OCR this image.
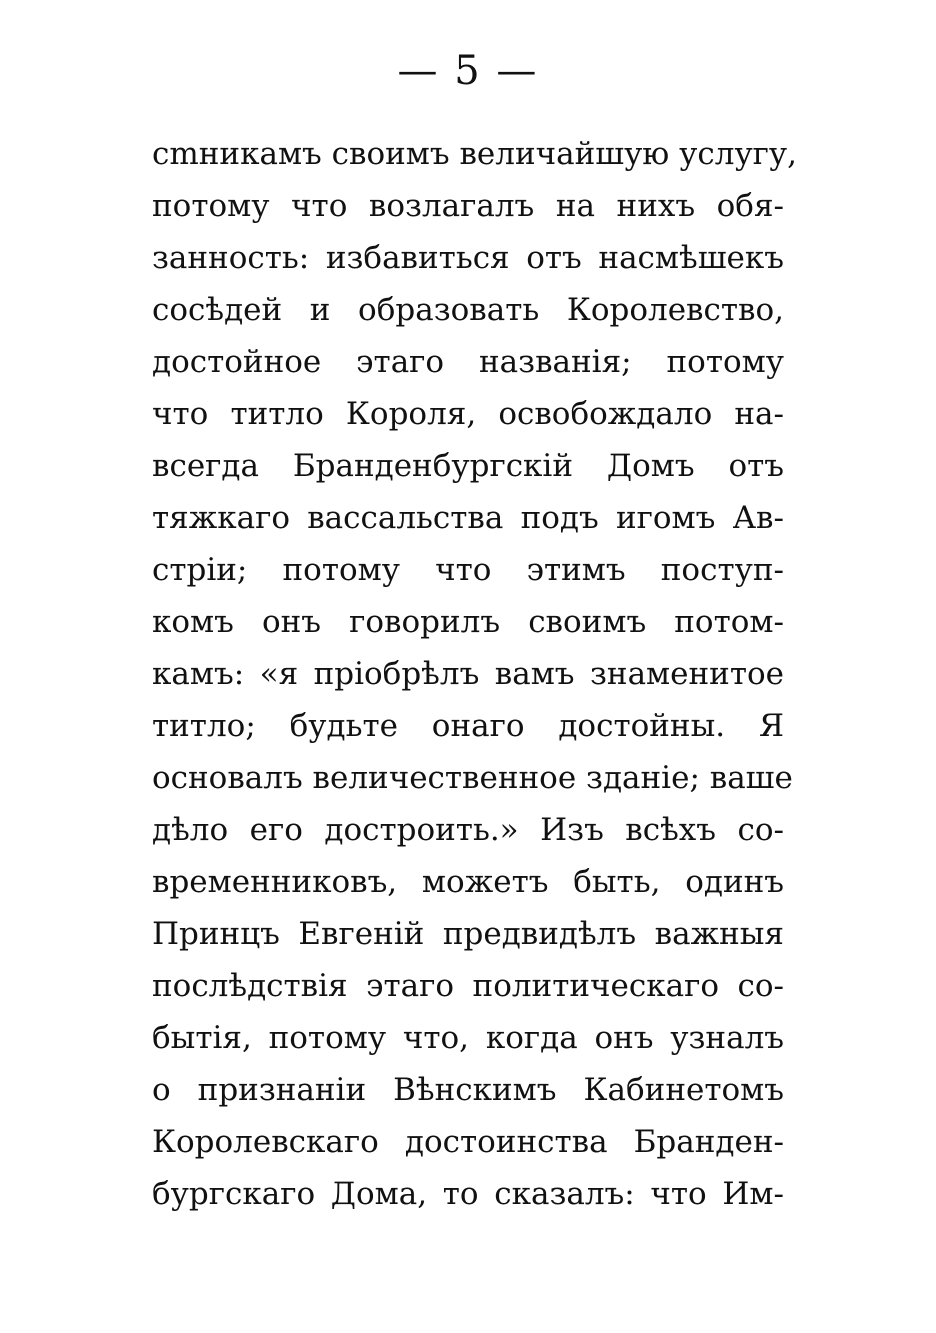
— 5 —
сmникамъ своимъ величайшую услугу,
потому что возлагалъ на нихъ обя-
занность: избавиться отъ насмѣшекъ
сосѣдей и образовать Королевство,
достойное этаго названія; потому
что титло Короля, освобождало на-
всегда Бранденбургскій Домъ отъ
тяжкаго вассальства подъ игомъ Ав-
стріи; потому что этимъ поступ-
комъ онъ говорилъ своимъ потом-
камъ: «я пріобрѣлъ вамъ знаменитое
титло; будьте онаго достойны. Я
основалъ величественное зданіе; ваше
дѣло его достроить.» Изъ всѣхъ со-
временниковъ, можетъ быть, одинъ
Принцъ Евгеній предвидѣлъ важныя
послѣдствія этаго политическаго со-
бытія, потому что, когда онъ узналъ
о признаніи Вѣнскимъ Кабинетомъ
Королевскаго достоинства Бранден-
бургскаго Дома, то сказалъ: что Им-
